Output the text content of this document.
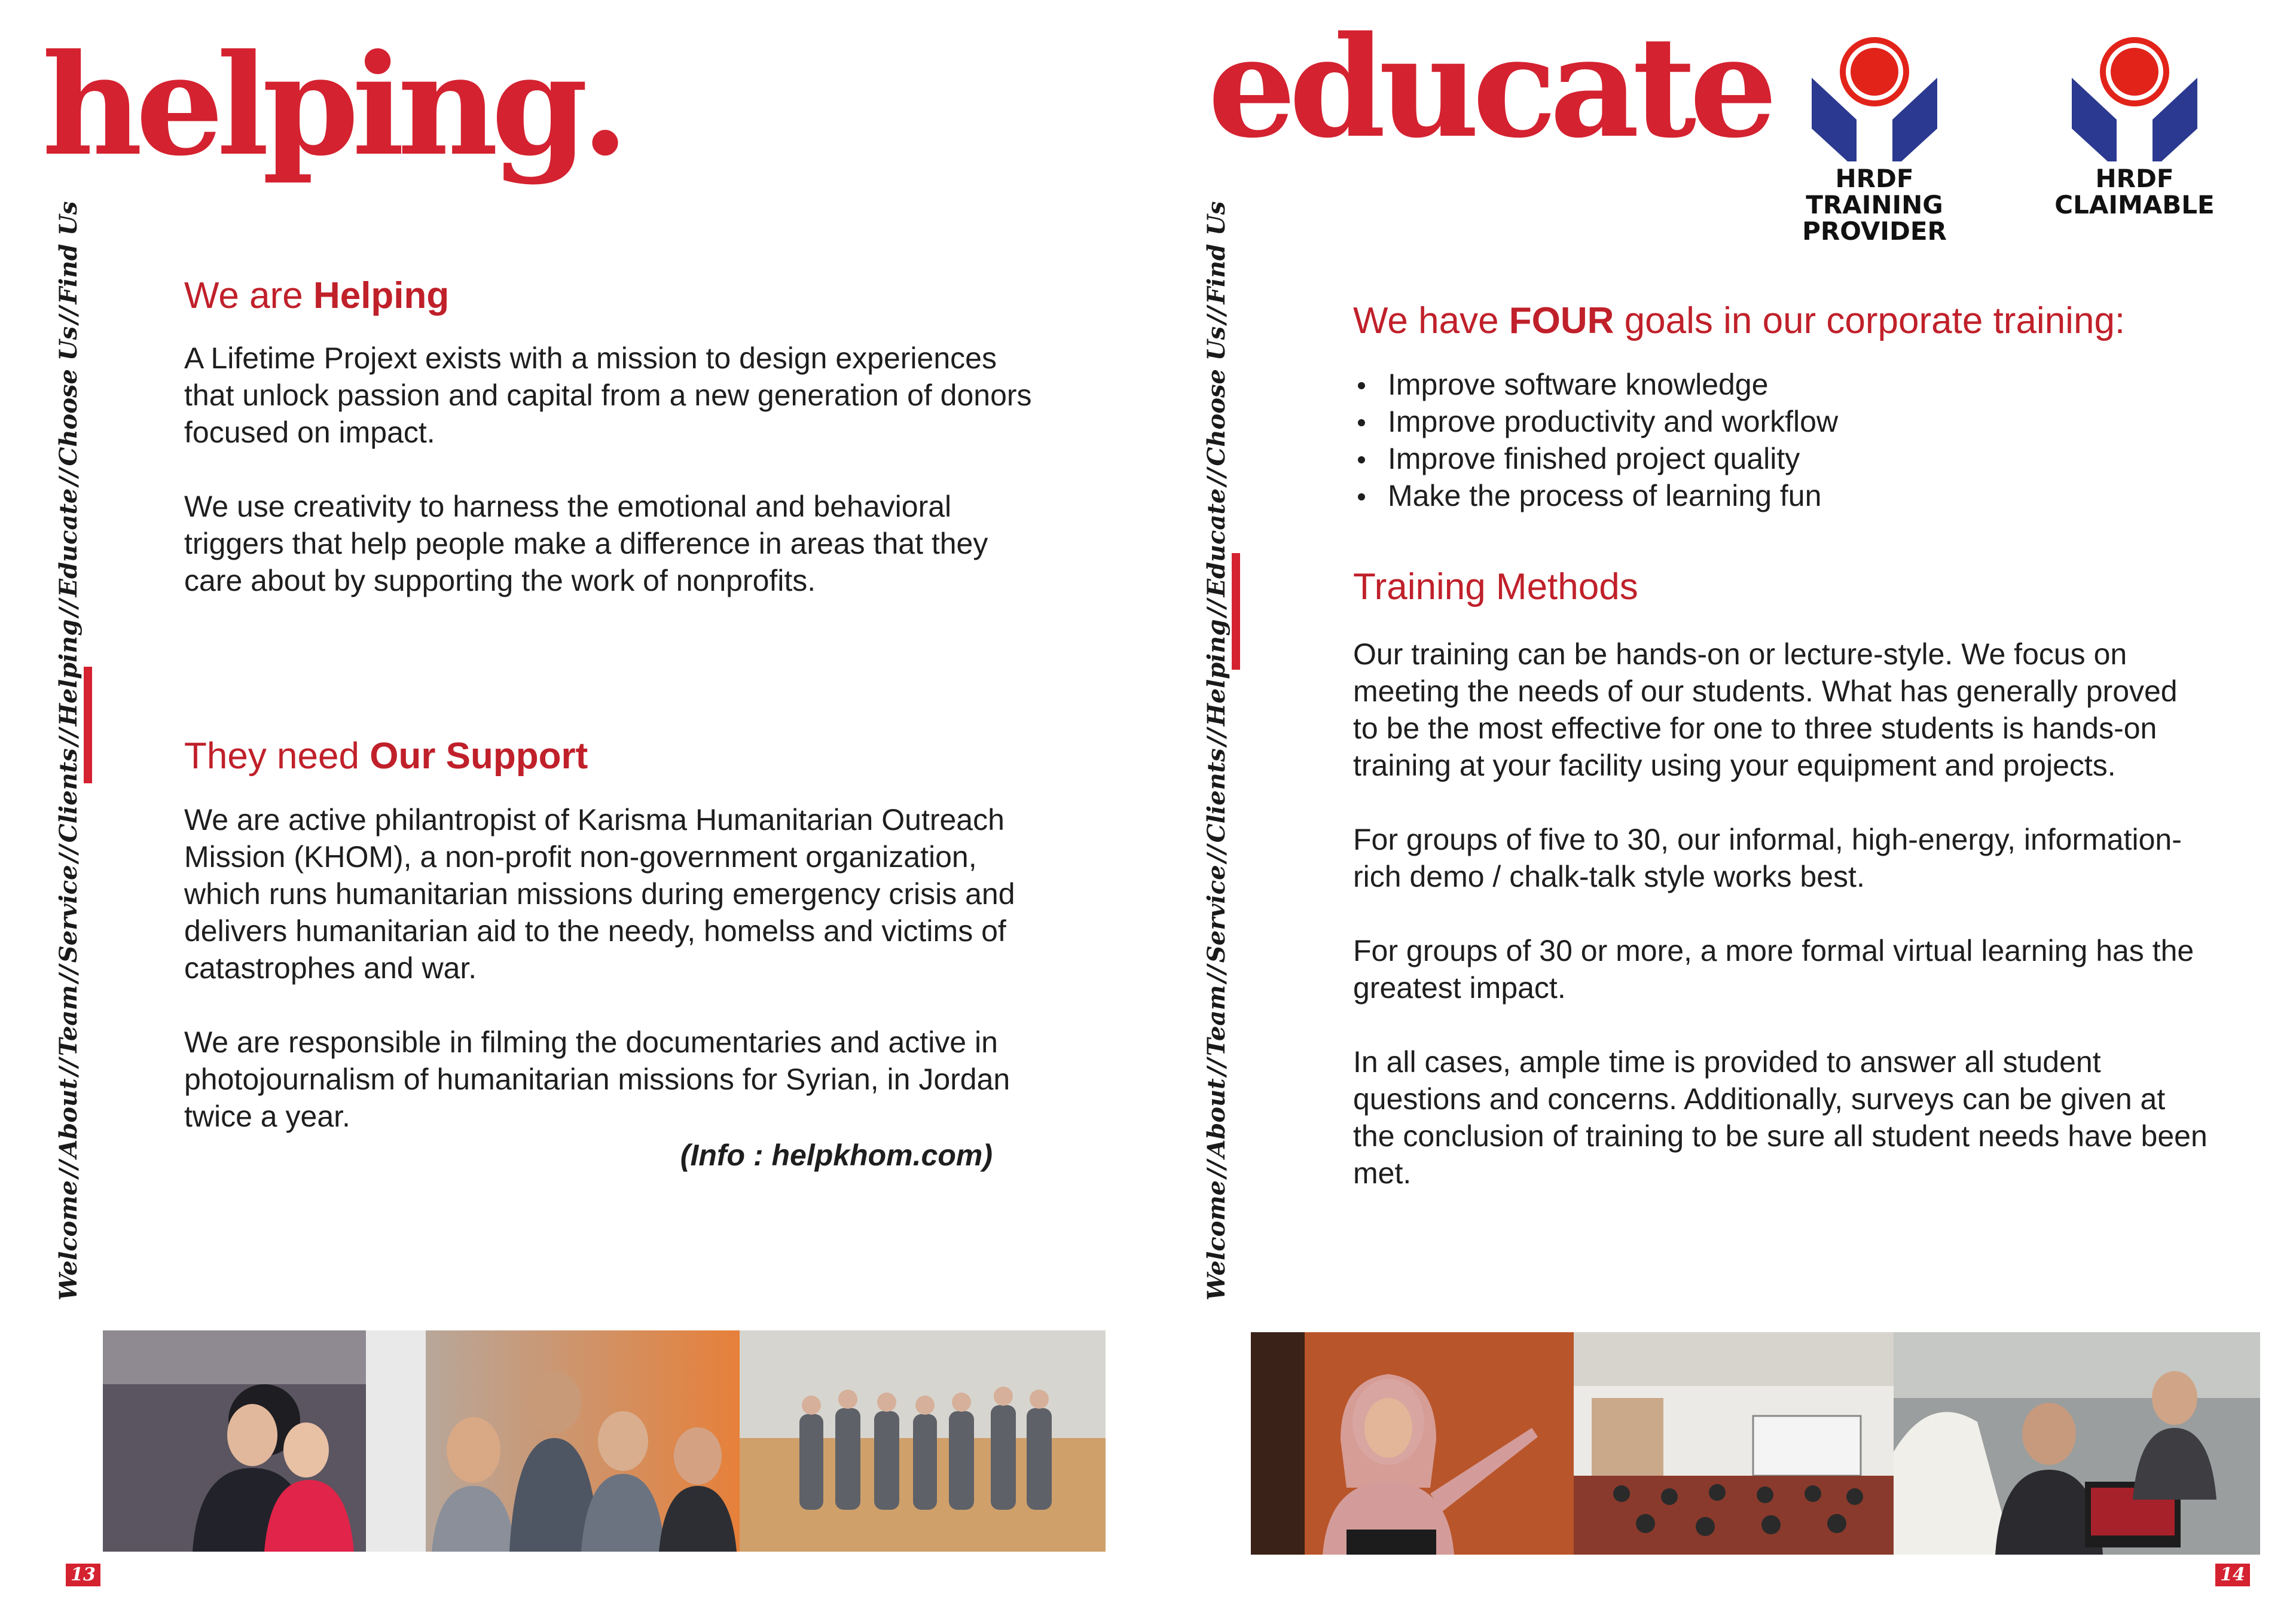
helping.
Welcome//About//Team//Service//Clients//Helping//Educate//Choose Us//Find Us	We are Helping

A Lifetime Projext exists with a mission to design experiences that unlock passion and capital from a new generation of donors focused on impact.

We use creativity to harness the emotional and behavioral triggers that help people make a difference in areas that they care about by supporting the work of nonprofits.

They need Our Support

We are active philantropist of Karisma Humanitarian Outreach Mission (KHOM), a non-profit non-government organization, which runs humanitarian missions during emergency crisis and delivers humanitarian aid to the needy, homelss and victims of catastrophes and war.

We are responsible in filming the documentaries and active in photojournalism of humanitarian missions for Syrian, in Jordan twice a year.

(Info : helpkhom.com)
13
educate
HRDF
TRAINING PROVIDER
HRDF
CLAIMABLE
Welcome//About//Team//Service//Clients//Helping//Educate//Choose Us//Find Us
We have FOUR goals in our corporate training:
Improve software knowledge
Improve productivity and workflow
Improve finished project quality
Make the process of learning fun
Training Methods

Our training can be hands-on or lecture-style. We focus on meeting the needs of our students. What has generally proved to be the most effective for one to three students is hands-on training at your facility using your equipment and projects.

For groups of five to 30, our informal, high-energy, information-rich demo / chalk-talk style works best.

For groups of 30 or more, a more formal virtual learning has the greatest impact.

In all cases, ample time is provided to answer all student questions and concerns. Additionally, surveys can be given at the conclusion of training to be sure all student needs have been met.

14
